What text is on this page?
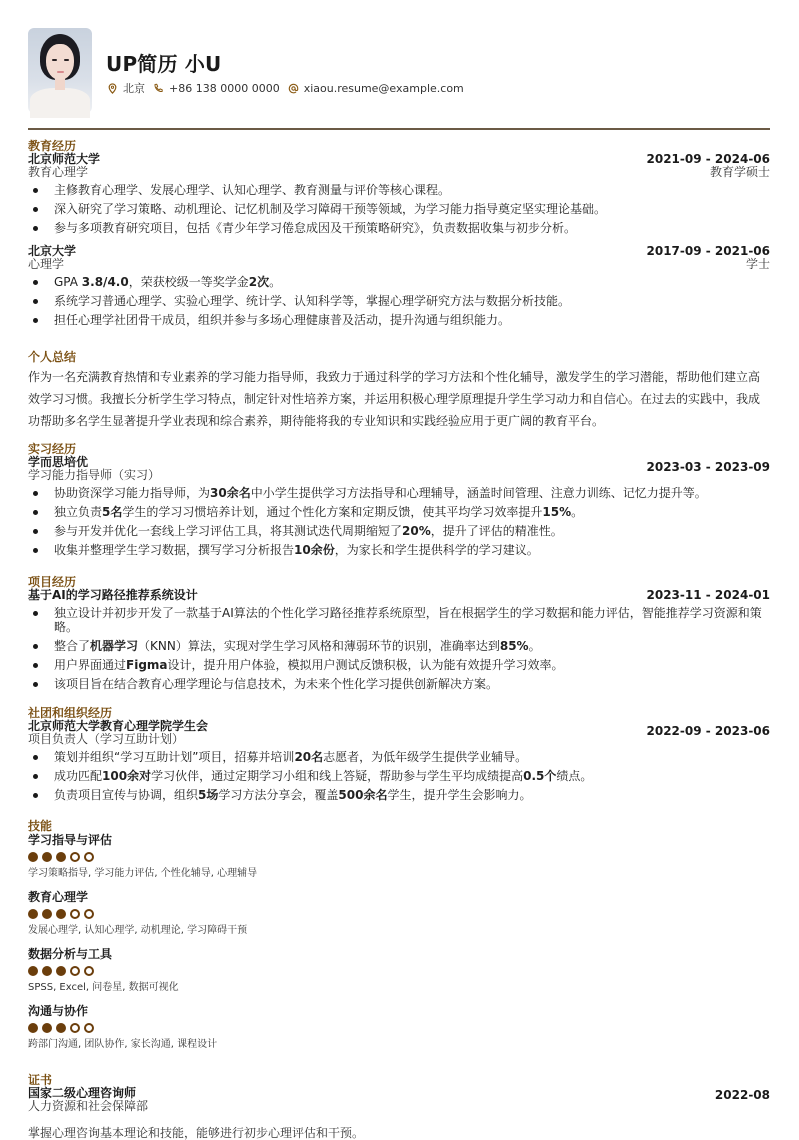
UP简历 小U
北京 +86 138 0000 0000 xiaou.resume@example.com
教育经历
北京师范大学
教育心理学
2021-09 - 2024-06
教育学硕士
主修教育心理学、发展心理学、认知心理学、教育测量与评价等核心课程。
深入研究了学习策略、动机理论、记忆机制及学习障碍干预等领域，为学习能力指导奠定坚实理论基础。
参与多项教育研究项目，包括《青少年学习倦怠成因及干预策略研究》，负责数据收集与初步分析。
北京大学
心理学
2017-09 - 2021-06
学士
GPA 3.8/4.0，荣获校级一等奖学金2次。
系统学习普通心理学、实验心理学、统计学、认知科学等，掌握心理学研究方法与数据分析技能。
担任心理学社团骨干成员，组织并参与多场心理健康普及活动，提升沟通与组织能力。
个人总结
作为一名充满教育热情和专业素养的学习能力指导师，我致力于通过科学的学习方法和个性化辅导，激发学生的学习潜能，帮助他们建立高效学习习惯。我擅长分析学生学习特点，制定针对性培养方案，并运用积极心理学原理提升学生学习动力和自信心。在过去的实践中，我成功帮助多名学生显著提升学业表现和综合素养，期待能将我的专业知识和实践经验应用于更广阔的教育平台。
实习经历
学而思培优
学习能力指导师（实习）
2023-03 - 2023-09
协助资深学习能力指导师，为30余名中小学生提供学习方法指导和心理辅导，涵盖时间管理、注意力训练、记忆力提升等。
独立负责5名学生的学习习惯培养计划，通过个性化方案和定期反馈，使其平均学习效率提升15%。
参与开发并优化一套线上学习评估工具，将其测试迭代周期缩短了20%，提升了评估的精准性。
收集并整理学生学习数据，撰写学习分析报告10余份，为家长和学生提供科学的学习建议。
项目经历
基于AI的学习路径推荐系统设计	2023-11 - 2024-01
独立设计并初步开发了一款基于AI算法的个性化学习路径推荐系统原型，旨在根据学生的学习数据和能力评估，智能推荐学习资源和策略。
整合了机器学习（KNN）算法，实现对学生学习风格和薄弱环节的识别，准确率达到85%。
用户界面通过Figma设计，提升用户体验，模拟用户测试反馈积极，认为能有效提升学习效率。
该项目旨在结合教育心理学理论与信息技术，为未来个性化学习提供创新解决方案。
社团和组织经历
北京师范大学教育心理学院学生会
项目负责人（学习互助计划）
2022-09 - 2023-06
策划并组织“学习互助计划”项目，招募并培训20名志愿者，为低年级学生提供学业辅导。
成功匹配100余对学习伙伴，通过定期学习小组和线上答疑，帮助参与学生平均成绩提高0.5个绩点。
负责项目宣传与协调，组织5场学习方法分享会，覆盖500余名学生，提升学生会影响力。
技能
学习指导与评估
学习策略指导, 学习能力评估, 个性化辅导, 心理辅导
教育心理学
发展心理学, 认知心理学, 动机理论, 学习障碍干预
数据分析与工具
SPSS, Excel, 问卷星, 数据可视化
沟通与协作
跨部门沟通, 团队协作, 家长沟通, 课程设计
证书
国家二级心理咨询师
人力资源和社会保障部
2022-08
掌握心理咨询基本理论和技能，能够进行初步心理评估和干预。
